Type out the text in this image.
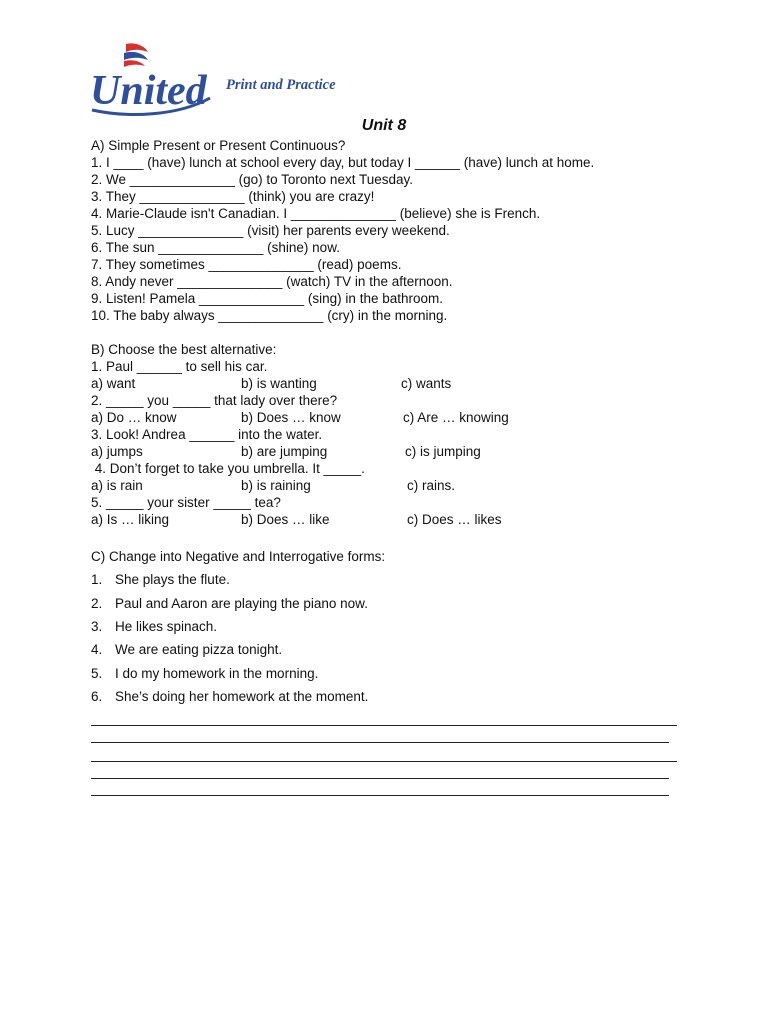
United Print and Practice
Unit 8
A) Simple Present or Present Continuous?
1. I ____ (have) lunch at school every day, but today I ______ (have) lunch at home.
2. We ______________ (go) to Toronto next Tuesday.
3. They ______________ (think) you are crazy!
4. Marie-Claude isn't Canadian. I ______________ (believe) she is French.
5. Lucy ______________ (visit) her parents every weekend.
6. The sun ______________ (shine) now.
7. They sometimes ______________ (read) poems.
8. Andy never ______________ (watch) TV in the afternoon.
9. Listen! Pamela ______________ (sing) in the bathroom.
10. The baby always ______________ (cry) in the morning.
B) Choose the best alternative:
1. Paul ______ to sell his car.
a) want	b) is wanting	c) wants
2. _____ you _____ that lady over there?
a) Do … know	b) Does … know	c) Are … knowing
3. Look! Andrea ______ into the water.
a) jumps	b) are jumping	c) is jumping
4. Don’t forget to take you umbrella. It _____.
a) is rain	b) is raining	c) rains.
5. _____ your sister _____ tea?
a) Is … liking	b) Does … like	c) Does … likes
C) Change into Negative and Interrogative forms:
1. She plays the flute.
2. Paul and Aaron are playing the piano now.
3. He likes spinach.
4. We are eating pizza tonight.
5. I do my homework in the morning.
6. She’s doing her homework at the moment.
